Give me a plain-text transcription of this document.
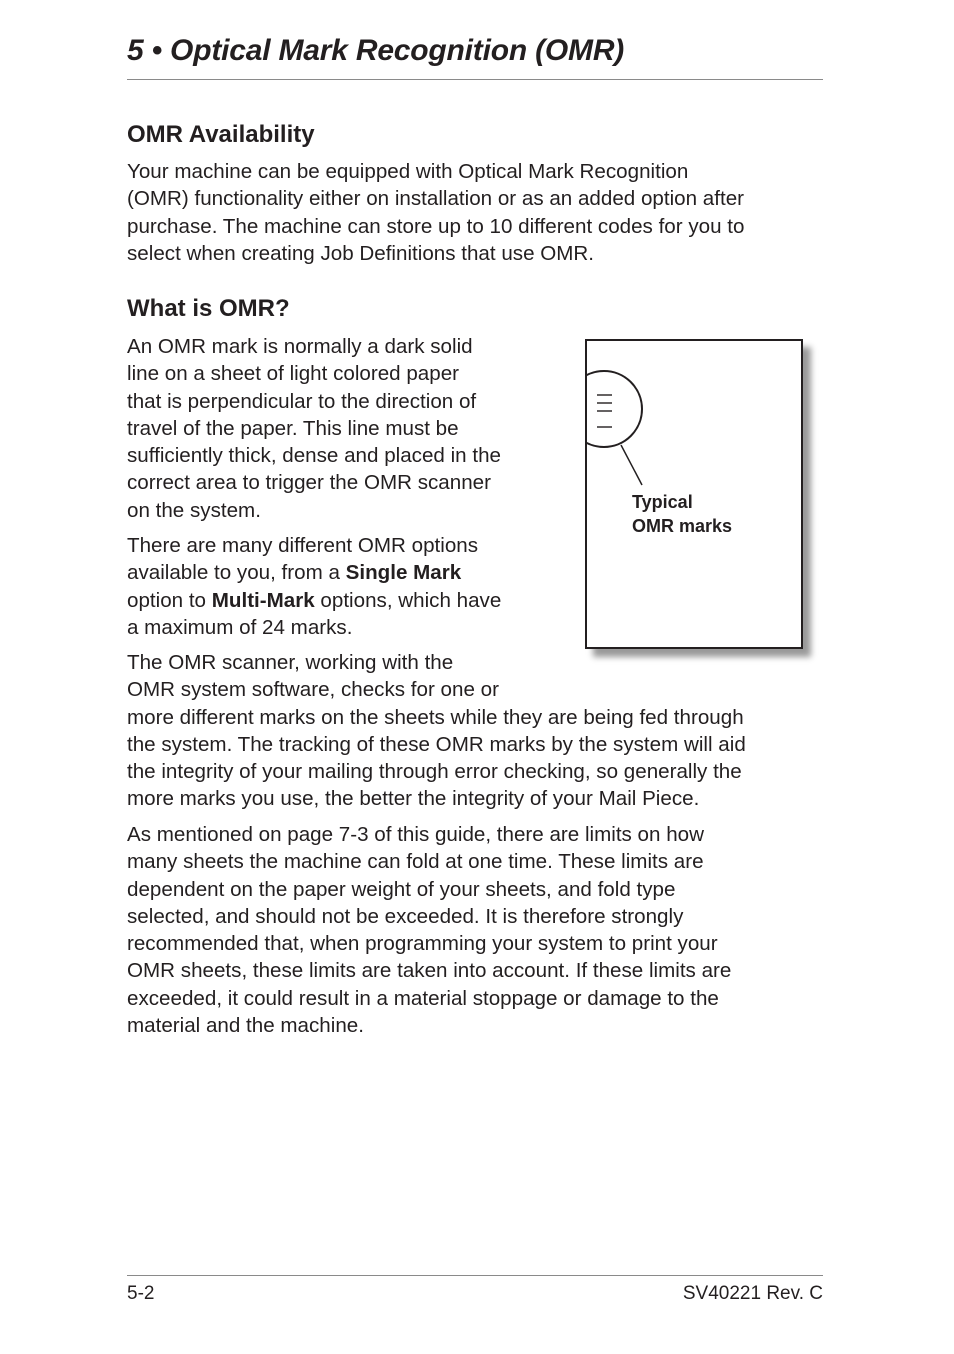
5 • Optical Mark Recognition (OMR)
OMR Availability

Your machine can be equipped with Optical Mark Recognition

(OMR) functionality either on installation or as an added option after

purchase. The machine can store up to 10 different codes for you to

select when creating Job Definitions that use OMR.

What is OMR?

An OMR mark is normally a dark solid

line on a sheet of light colored paper

that is perpendicular to the direction of

travel of the paper. This line must be

sufficiently thick, dense and placed in the

correct area to trigger the OMR scanner

on the system.

There are many different OMR options

available to you, from a Single Mark

option to Multi-Mark options, which have

a maximum of 24 marks.

The OMR scanner, working with the

OMR system software, checks for one or

more different marks on the sheets while they are being fed through

the system. The tracking of these OMR marks by the system will aid

the integrity of your mailing through error checking, so generally the

more marks you use, the better the integrity of your Mail Piece.

As mentioned on page 7-3 of this guide, there are limits on how

many sheets the machine can fold at one time. These limits are

dependent on the paper weight of your sheets, and fold type

selected, and should not be exceeded. It is therefore strongly

recommended that, when programming your system to print your

OMR sheets, these limits are taken into account. If these limits are

exceeded, it could result in a material stoppage or damage to the

material and the machine.

Typical
OMR marks
5-2	SV40221 Rev. C
